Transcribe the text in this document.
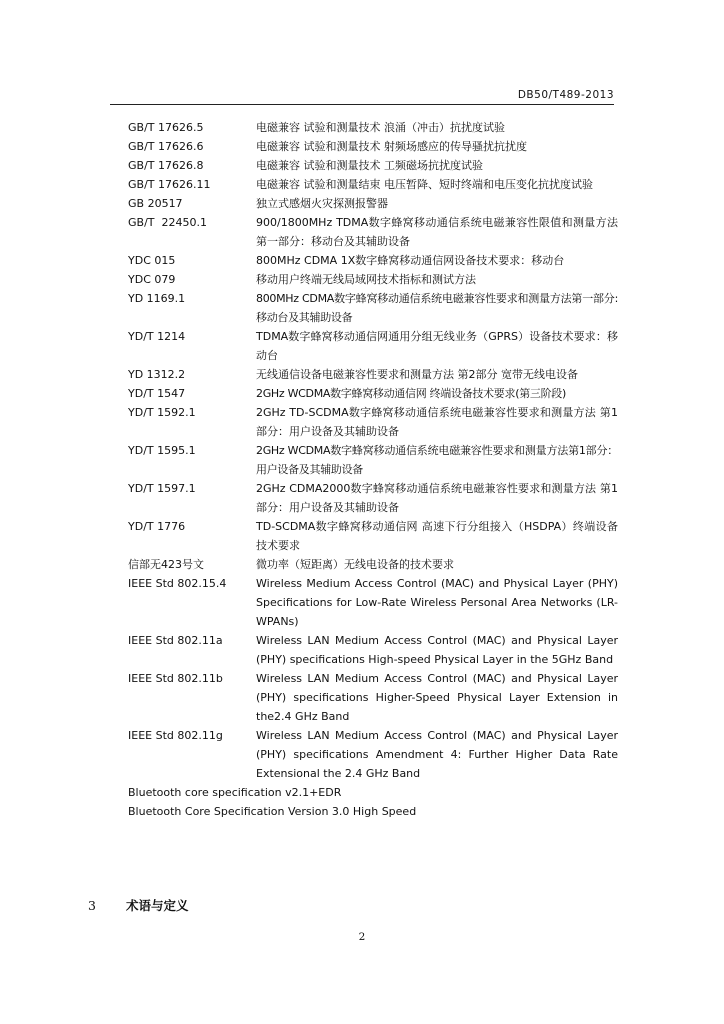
DB50/T489-2013
GB/T 17626.5	电磁兼容 试验和测量技术 浪涌（冲击）抗扰度试验
GB/T 17626.6	电磁兼容 试验和测量技术 射频场感应的传导骚扰抗扰度
GB/T 17626.8	电磁兼容 试验和测量技术 工频磁场抗扰度试验
GB/T 17626.11	电磁兼容 试验和测量结束 电压暂降、短时终端和电压变化抗扰度试验
GB 20517	独立式感烟火灾探测报警器
GB/T  22450.1	900/1800MHz TDMA数字蜂窝移动通信系统电磁兼容性限值和测量方法 第一部分：移动台及其辅助设备
YDC 015	800MHz CDMA 1X数字蜂窝移动通信网设备技术要求：移动台
YDC 079	移动用户终端无线局域网技术指标和测试方法
YD 1169.1	800MHz CDMA数字蜂窝移动通信系统电磁兼容性要求和测量方法第一部分:移动台及其辅助设备
YD/T 1214	TDMA数字蜂窝移动通信网通用分组无线业务（GPRS）设备技术要求：移动台
YD 1312.2	无线通信设备电磁兼容性要求和测量方法 第2部分 宽带无线电设备
YD/T 1547	2GHz WCDMA数字蜂窝移动通信网 终端设备技术要求(第三阶段)
YD/T 1592.1	2GHz TD-SCDMA数字蜂窝移动通信系统电磁兼容性要求和测量方法 第1部分：用户设备及其辅助设备
YD/T 1595.1	2GHz WCDMA数字蜂窝移动通信系统电磁兼容性要求和测量方法第1部分：用户设备及其辅助设备
YD/T 1597.1	2GHz CDMA2000数字蜂窝移动通信系统电磁兼容性要求和测量方法 第1部分：用户设备及其辅助设备
YD/T 1776	TD-SCDMA数字蜂窝移动通信网 高速下行分组接入（HSDPA）终端设备技术要求
信部无423号文	微功率（短距离）无线电设备的技术要求
IEEE Std 802.15.4	Wireless Medium Access Control (MAC) and Physical Layer (PHY) Specifications for Low-Rate Wireless Personal Area Networks (LR-WPANs)
IEEE Std 802.11a	Wireless LAN Medium Access Control (MAC) and Physical Layer (PHY) specifications High-speed Physical Layer in the 5GHz Band
IEEE Std 802.11b	Wireless LAN Medium Access Control (MAC) and Physical Layer (PHY) specifications Higher-Speed Physical Layer Extension in the2.4 GHz Band
IEEE Std 802.11g	Wireless LAN Medium Access Control (MAC) and Physical Layer (PHY) specifications Amendment 4: Further Higher Data Rate Extensional the 2.4 GHz Band
Bluetooth core specification v2.1+EDR
Bluetooth Core Specification Version 3.0 High Speed
3 术语与定义
2
